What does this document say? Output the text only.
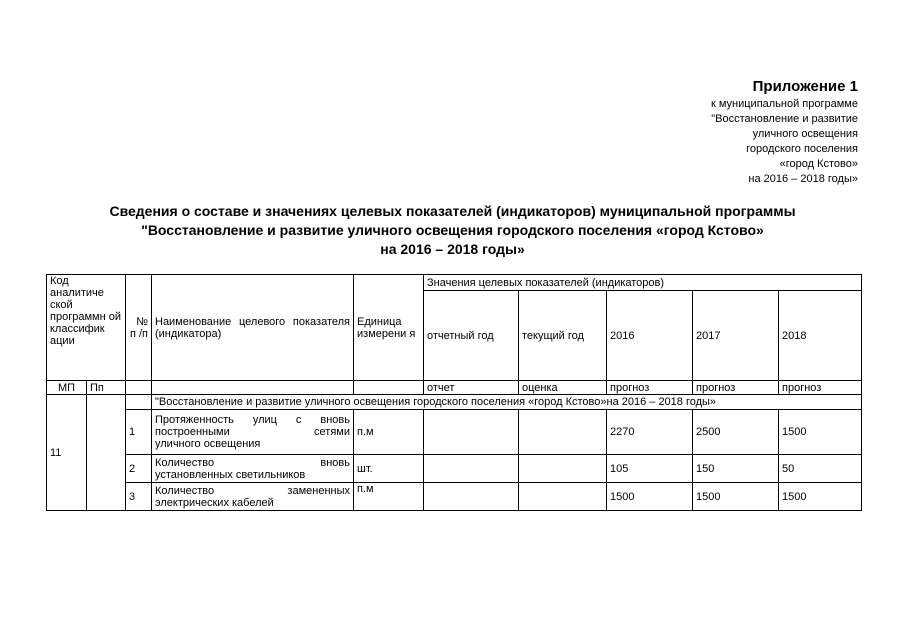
Приложение 1
к муниципальной программе
"Восстановление и развитие
уличного освещения
городского поселения
«город Кстово»
на 2016 – 2018 годы»
Сведения о составе и значениях целевых показателей (индикаторов) муниципальной программы
"Восстановление и развитие уличного освещения городского поселения «город Кстово»
на 2016 – 2018 годы»
Код аналитиче ской программн ой классифик ации		№ п /п	Наименование целевого показателя (индикатора)	Единица измерени я	Значения целевых показателей (индикаторов)				
					отчетный год	текущий год	2016	2017	2018
МП	Пп				отчет	оценка	прогноз	прогноз	прогноз
11			"Восстановление и развитие уличного освещения городского поселения «город Кстово»на 2016 – 2018 годы»						
		1	Протяженность улиц с вновь
построенными сетями
уличного освещения	п.м			2270	2500	1500
		2	Количество вновь
установленных светильников	шт.			105	150	50
		3	Количество замененных
электрических кабелей	п.м			1500	1500	1500
